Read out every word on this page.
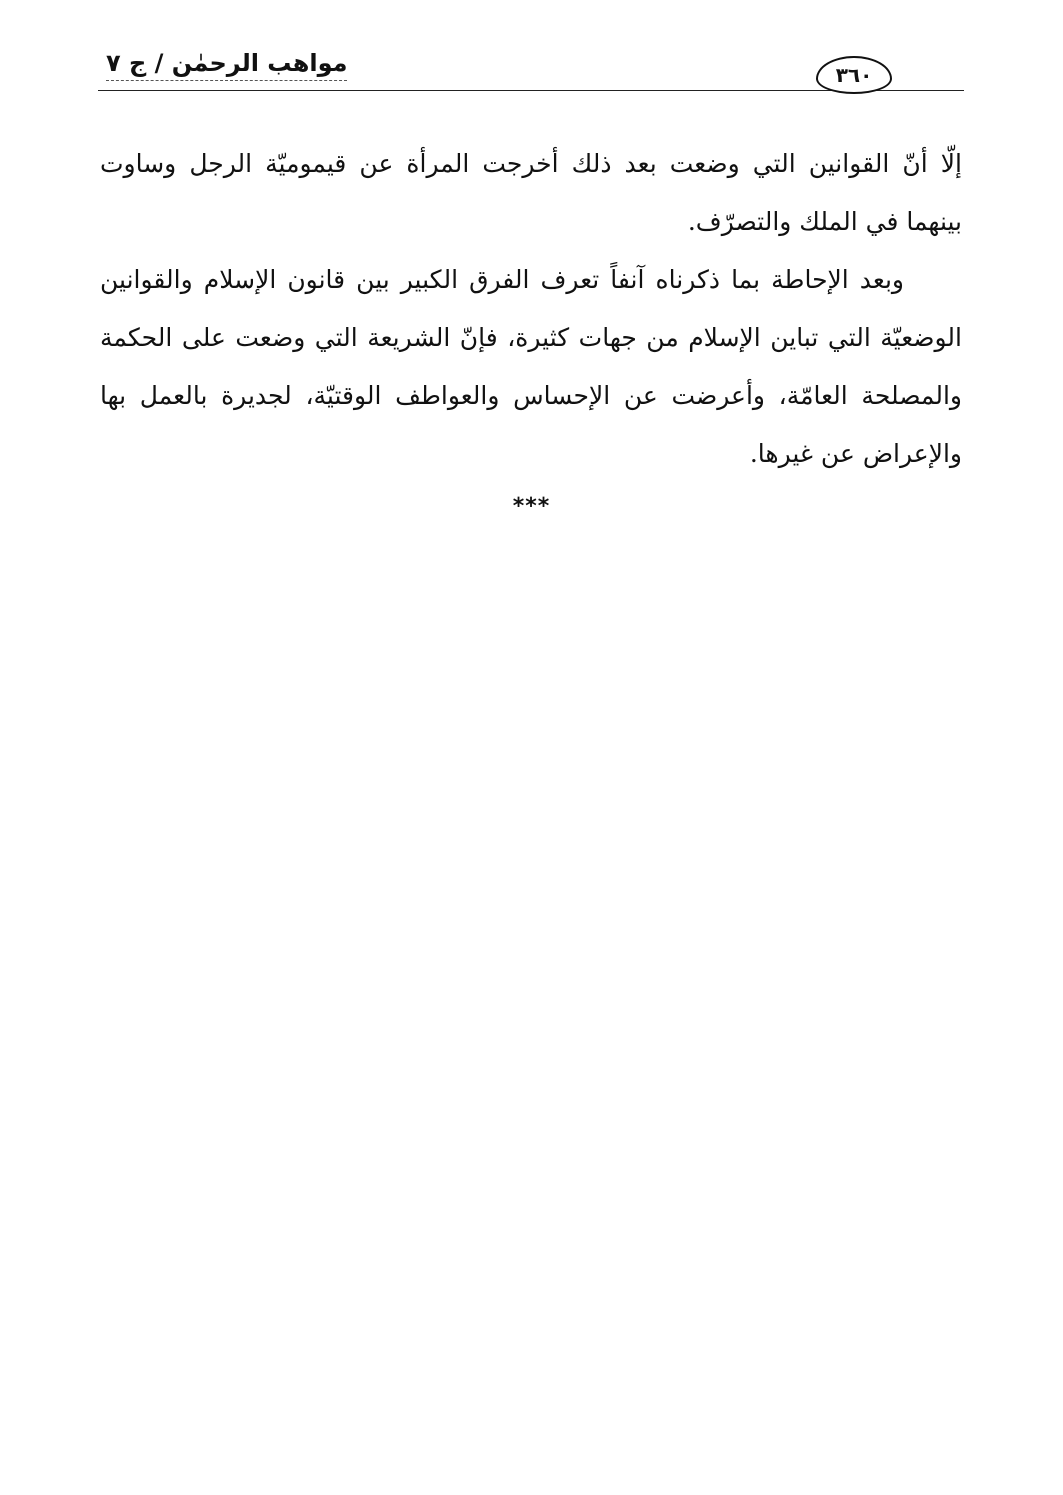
مواهب الرحمٰن / ج ٧	٣٦٠

إلّا أنّ القوانين التي وضعت بعد ذلك أخرجت المرأة عن قيموميّة الرجل وساوت بينهما في الملك والتصرّف.

وبعد الإحاطة بما ذكرناه آنفاً تعرف الفرق الكبير بين قانون الإسلام والقوانين الوضعيّة التي تباين الإسلام من جهات كثيرة، فإنّ الشريعة التي وضعت على الحكمة والمصلحة العامّة، وأعرضت عن الإحساس والعواطف الوقتيّة، لجديرة بالعمل بها والإعراض عن غيرها.

***
